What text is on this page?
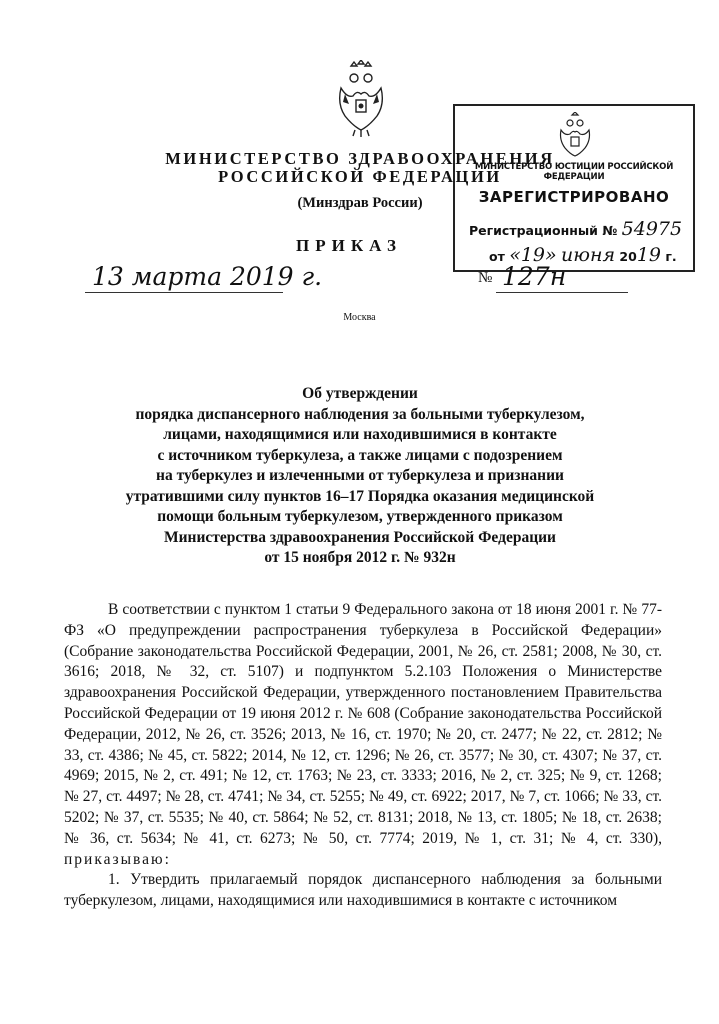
МИНИСТЕРСТВО ЗДРАВООХРАНЕНИЯ
РОССИЙСКОЙ ФЕДЕРАЦИИ
(Минздрав России)
МИНИСТЕРСТВО ЮСТИЦИИ РОССИЙСКОЙ ФЕДЕРАЦИИ
ЗАРЕГИСТРИРОВАНО
Регистрационный № 54975
от «19» июня 2019 г.
ПРИКАЗ
13 марта 2019 г.	№ 127н
Москва
Об утверждении
порядка диспансерного наблюдения за больными туберкулезом,
лицами, находящимися или находившимися в контакте
с источником туберкулеза, а также лицами с подозрением
на туберкулез и излеченными от туберкулеза и признании
утратившими силу пунктов 16–17 Порядка оказания медицинской
помощи больным туберкулезом, утвержденного приказом
Министерства здравоохранения Российской Федерации
от 15 ноября 2012 г. № 932н

В соответствии с пунктом 1 статьи 9 Федерального закона от 18 июня 2001 г. № 77-ФЗ «О предупреждении распространения туберкулеза в Российской Федерации» (Собрание законодательства Российской Федерации, 2001, № 26, ст. 2581; 2008, № 30, ст. 3616; 2018, № 32, ст. 5107) и подпунктом 5.2.103 Положения о Министерстве здравоохранения Российской Федерации, утвержденного постановлением Правительства Российской Федерации от 19 июня 2012 г. № 608 (Собрание законодательства Российской Федерации, 2012, № 26, ст. 3526; 2013, № 16, ст. 1970; № 20, ст. 2477; № 22, ст. 2812; № 33, ст. 4386; № 45, ст. 5822; 2014, № 12, ст. 1296; № 26, ст. 3577; № 30, ст. 4307; № 37, ст. 4969; 2015, № 2, ст. 491; № 12, ст. 1763; № 23, ст. 3333; 2016, № 2, ст. 325; № 9, ст. 1268; № 27, ст. 4497; № 28, ст. 4741; № 34, ст. 5255; № 49, ст. 6922; 2017, № 7, ст. 1066; № 33, ст. 5202; № 37, ст. 5535; № 40, ст. 5864; № 52, ст. 8131; 2018, № 13, ст. 1805; № 18, ст. 2638; № 36, ст. 5634; № 41, ст. 6273; № 50, ст. 7774; 2019, № 1, ст. 31; № 4, ст. 330), приказываю:

1. Утвердить прилагаемый порядок диспансерного наблюдения за больными туберкулезом, лицами, находящимися или находившимися в контакте с источником
